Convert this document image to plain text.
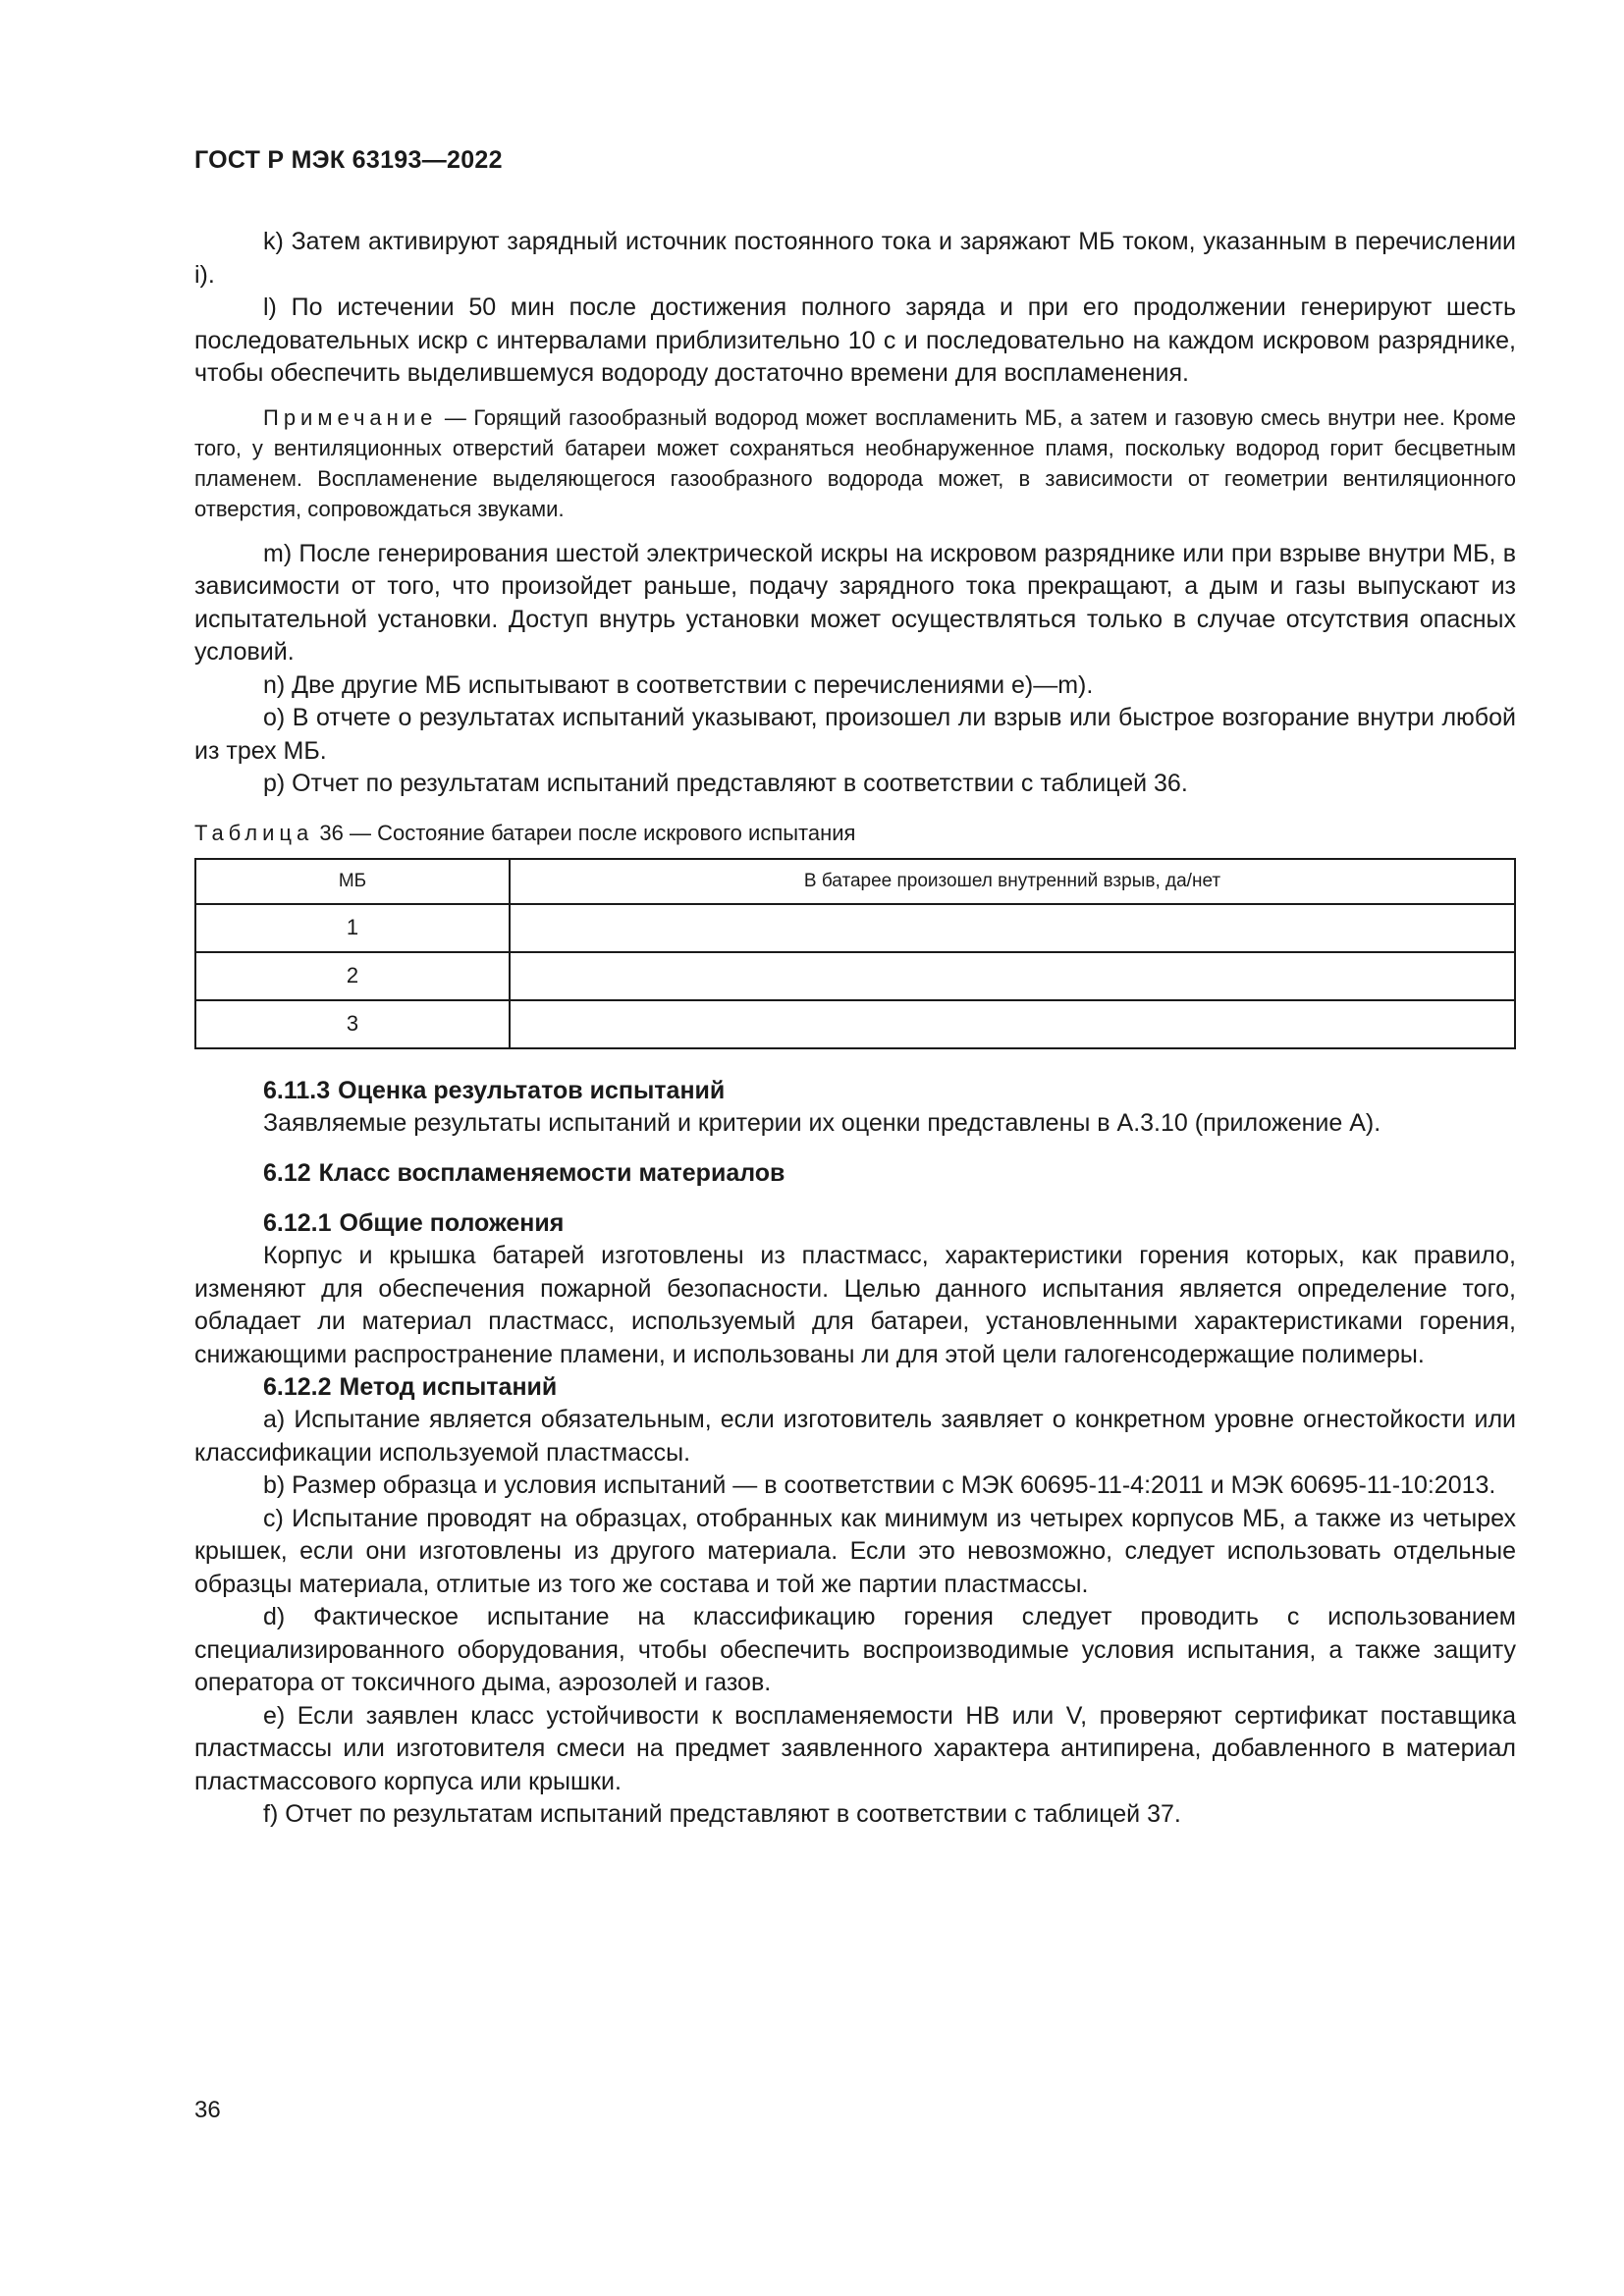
ГОСТ Р МЭК 63193—2022

k) Затем активируют зарядный источник постоянного тока и заряжают МБ током, указанным в перечислении i).

l) По истечении 50 мин после достижения полного заряда и при его продолжении генерируют шесть последовательных искр с интервалами приблизительно 10 с и последовательно на каждом искровом разряднике, чтобы обеспечить выделившемуся водороду достаточно времени для воспламенения.

Примечание — Горящий газообразный водород может воспламенить МБ, а затем и газовую смесь внутри нее. Кроме того, у вентиляционных отверстий батареи может сохраняться необнаруженное пламя, поскольку водород горит бесцветным пламенем. Воспламенение выделяющегося газообразного водорода может, в зависимости от геометрии вентиляционного отверстия, сопровождаться звуками.

m) После генерирования шестой электрической искры на искровом разряднике или при взрыве внутри МБ, в зависимости от того, что произойдет раньше, подачу зарядного тока прекращают, а дым и газы выпускают из испытательной установки. Доступ внутрь установки может осуществляться только в случае отсутствия опасных условий.

n) Две другие МБ испытывают в соответствии с перечислениями е)—m).

o) В отчете о результатах испытаний указывают, произошел ли взрыв или быстрое возгорание внутри любой из трех МБ.

p) Отчет по результатам испытаний представляют в соответствии с таблицей 36.

Таблица 36 — Состояние батареи после искрового испытания
МБ	В батарее произошел внутренний взрыв, да/нет
1	
2	
3	
6.11.3 Оценка результатов испытаний

Заявляемые результаты испытаний и критерии их оценки представлены в А.3.10 (приложение А).

6.12 Класс воспламеняемости материалов
6.12.1 Общие положения

Корпус и крышка батарей изготовлены из пластмасс, характеристики горения которых, как правило, изменяют для обеспечения пожарной безопасности. Целью данного испытания является определение того, обладает ли материал пластмасс, используемый для батареи, установленными характеристиками горения, снижающими распространение пламени, и использованы ли для этой цели галогенсодержащие полимеры.

6.12.2 Метод испытаний

а) Испытание является обязательным, если изготовитель заявляет о конкретном уровне огнестойкости или классификации используемой пластмассы.

b) Размер образца и условия испытаний — в соответствии с МЭК 60695-11-4:2011 и МЭК 60695-11-10:2013.

c) Испытание проводят на образцах, отобранных как минимум из четырех корпусов МБ, а также из четырех крышек, если они изготовлены из другого материала. Если это невозможно, следует использовать отдельные образцы материала, отлитые из того же состава и той же партии пластмассы.

d) Фактическое испытание на классификацию горения следует проводить с использованием специализированного оборудования, чтобы обеспечить воспроизводимые условия испытания, а также защиту оператора от токсичного дыма, аэрозолей и газов.

е) Если заявлен класс устойчивости к воспламеняемости НВ или V, проверяют сертификат поставщика пластмассы или изготовителя смеси на предмет заявленного характера антипирена, добавленного в материал пластмассового корпуса или крышки.

f) Отчет по результатам испытаний представляют в соответствии с таблицей 37.

36
